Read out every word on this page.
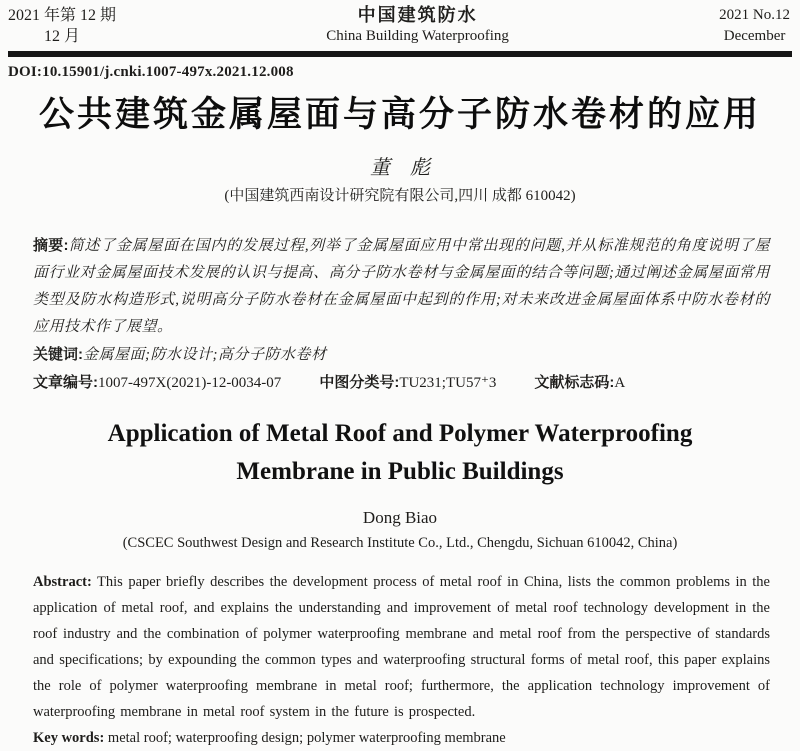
2021 年第 12 期
12 月
中国建筑防水
China Building Waterproofing
2021 No.12
December
DOI:10.15901/j.cnki.1007-497x.2021.12.008
公共建筑金属屋面与高分子防水卷材的应用
董　彪
(中国建筑西南设计研究院有限公司,四川 成都 610042)

摘要:简述了金属屋面在国内的发展过程,列举了金属屋面应用中常出现的问题,并从标准规范的角度说明了屋面行业对金属屋面技术发展的认识与提高、高分子防水卷材与金属屋面的结合等问题;通过阐述金属屋面常用类型及防水构造形式,说明高分子防水卷材在金属屋面中起到的作用;对未来改进金属屋面体系中防水卷材的应用技术作了展望。

关键词:金属屋面;防水设计;高分子防水卷材

文章编号:1007-497X(2021)-12-0034-07	中图分类号:TU231;TU57⁺3	文献标志码:A

Application of Metal Roof and Polymer Waterproofing
Membrane in Public Buildings
Dong Biao
(CSCEC Southwest Design and Research Institute Co., Ltd., Chengdu, Sichuan 610042, China)

Abstract: This paper briefly describes the development process of metal roof in China, lists the common problems in the application of metal roof, and explains the understanding and improvement of metal roof technology development in the roof industry and the combination of polymer waterproofing membrane and metal roof from the perspective of standards and specifications; by expounding the common types and waterproofing structural forms of metal roof, this paper explains the role of polymer waterproofing membrane in metal roof; furthermore, the application technology improvement of waterproofing membrane in metal roof system in the future is prospected.

Key words: metal roof; waterproofing design; polymer waterproofing membrane
